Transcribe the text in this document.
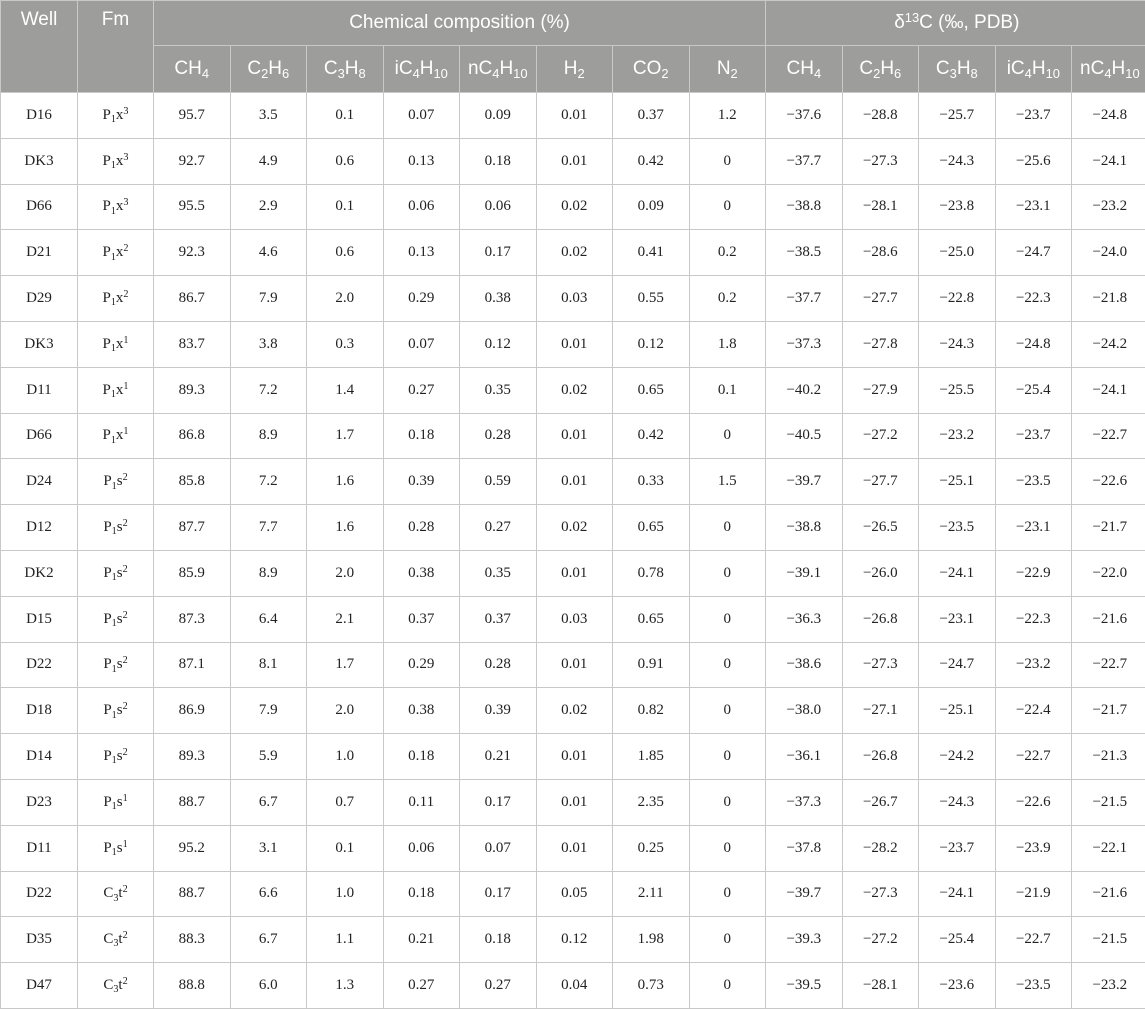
Well	Fm	Chemical composition (%)								$\delta^{13}C$ (‰, PDB)				
		$CH_4$	$C_2H_6$	$C_3H_8$	$iC_4H_{10}$	$nC_4H_{10}$	$H_2$	$CO_2$	$N_2$	$CH_4$	$C_2H_6$	$C_3H_8$	$iC_4H_{10}$	$nC_4H_{10}$
D16	$P_1x^3$	95.7	3.5	0.1	0.07	0.09	0.01	0.37	1.2	−37.6	−28.8	−25.7	−23.7	−24.8
DK3	$P_1x^3$	92.7	4.9	0.6	0.13	0.18	0.01	0.42	0	−37.7	−27.3	−24.3	−25.6	−24.1
D66	$P_1x^3$	95.5	2.9	0.1	0.06	0.06	0.02	0.09	0	−38.8	−28.1	−23.8	−23.1	−23.2
D21	$P_1x^2$	92.3	4.6	0.6	0.13	0.17	0.02	0.41	0.2	−38.5	−28.6	−25.0	−24.7	−24.0
D29	$P_1x^2$	86.7	7.9	2.0	0.29	0.38	0.03	0.55	0.2	−37.7	−27.7	−22.8	−22.3	−21.8
DK3	$P_1x^1$	83.7	3.8	0.3	0.07	0.12	0.01	0.12	1.8	−37.3	−27.8	−24.3	−24.8	−24.2
D11	$P_1x^1$	89.3	7.2	1.4	0.27	0.35	0.02	0.65	0.1	−40.2	−27.9	−25.5	−25.4	−24.1
D66	$P_1x^1$	86.8	8.9	1.7	0.18	0.28	0.01	0.42	0	−40.5	−27.2	−23.2	−23.7	−22.7
D24	$P_1s^2$	85.8	7.2	1.6	0.39	0.59	0.01	0.33	1.5	−39.7	−27.7	−25.1	−23.5	−22.6
D12	$P_1s^2$	87.7	7.7	1.6	0.28	0.27	0.02	0.65	0	−38.8	−26.5	−23.5	−23.1	−21.7
DK2	$P_1s^2$	85.9	8.9	2.0	0.38	0.35	0.01	0.78	0	−39.1	−26.0	−24.1	−22.9	−22.0
D15	$P_1s^2$	87.3	6.4	2.1	0.37	0.37	0.03	0.65	0	−36.3	−26.8	−23.1	−22.3	−21.6
D22	$P_1s^2$	87.1	8.1	1.7	0.29	0.28	0.01	0.91	0	−38.6	−27.3	−24.7	−23.2	−22.7
D18	$P_1s^2$	86.9	7.9	2.0	0.38	0.39	0.02	0.82	0	−38.0	−27.1	−25.1	−22.4	−21.7
D14	$P_1s^2$	89.3	5.9	1.0	0.18	0.21	0.01	1.85	0	−36.1	−26.8	−24.2	−22.7	−21.3
D23	$P_1s^1$	88.7	6.7	0.7	0.11	0.17	0.01	2.35	0	−37.3	−26.7	−24.3	−22.6	−21.5
D11	$P_1s^1$	95.2	3.1	0.1	0.06	0.07	0.01	0.25	0	−37.8	−28.2	−23.7	−23.9	−22.1
D22	$C_3t^2$	88.7	6.6	1.0	0.18	0.17	0.05	2.11	0	−39.7	−27.3	−24.1	−21.9	−21.6
D35	$C_3t^2$	88.3	6.7	1.1	0.21	0.18	0.12	1.98	0	−39.3	−27.2	−25.4	−22.7	−21.5
D47	$C_3t^2$	88.8	6.0	1.3	0.27	0.27	0.04	0.73	0	−39.5	−28.1	−23.6	−23.5	−23.2
